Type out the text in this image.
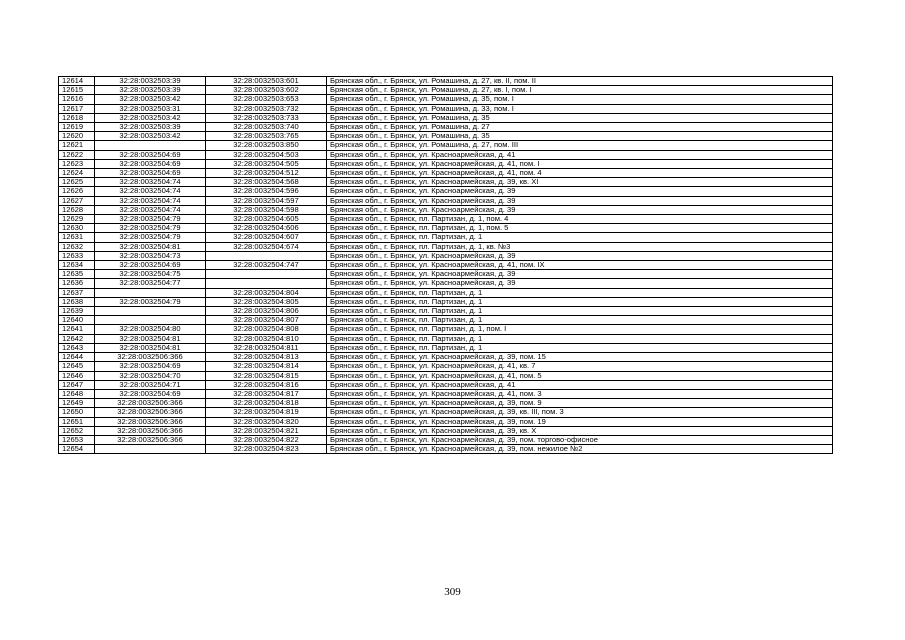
12614	32:28:0032503:39	32:28:0032503:601	Брянская обл., г. Брянск, ул. Ромашина, д. 27, кв. II, пом. II
12615	32:28:0032503:39	32:28:0032503:602	Брянская обл., г. Брянск, ул. Ромашина, д. 27, кв. I, пом. I
12616	32:28:0032503:42	32:28:0032503:653	Брянская обл., г. Брянск, ул. Ромашина, д. 35, пом. I
12617	32:28:0032503:31	32:28:0032503:732	Брянская обл., г. Брянск, ул. Ромашина, д. 33, пом. I
12618	32:28:0032503:42	32:28:0032503:733	Брянская обл., г. Брянск, ул. Ромашина, д. 35
12619	32:28:0032503:39	32:28:0032503:740	Брянская обл., г. Брянск, ул. Ромашина, д. 27
12620	32:28:0032503:42	32:28:0032503:765	Брянская обл., г. Брянск, ул. Ромашина, д. 35
12621		32:28:0032503:850	Брянская обл., г. Брянск, ул. Ромашина, д. 27, пом. III
12622	32:28:0032504:69	32:28:0032504:503	Брянская обл., г. Брянск, ул. Красноармейская, д. 41
12623	32:28:0032504:69	32:28:0032504:505	Брянская обл., г. Брянск, ул. Красноармейская, д. 41, пом. I
12624	32:28:0032504:69	32:28:0032504:512	Брянская обл., г. Брянск, ул. Красноармейская, д. 41, пом. 4
12625	32:28:0032504:74	32:28:0032504:568	Брянская обл., г. Брянск, ул. Красноармейская, д. 39, кв. XI
12626	32:28:0032504:74	32:28:0032504:596	Брянская обл., г. Брянск, ул. Красноармейская, д. 39
12627	32:28:0032504:74	32:28:0032504:597	Брянская обл., г. Брянск, ул. Красноармейская, д. 39
12628	32:28:0032504:74	32:28:0032504:598	Брянская обл., г. Брянск, ул. Красноармейская, д. 39
12629	32:28:0032504:79	32:28:0032504:605	Брянская обл., г. Брянск, пл. Партизан, д. 1, пом. 4
12630	32:28:0032504:79	32:28:0032504:606	Брянская обл., г. Брянск, пл. Партизан, д. 1, пом. 5
12631	32:28:0032504:79	32:28:0032504:607	Брянская обл., г. Брянск, пл. Партизан, д. 1
12632	32:28:0032504:81	32:28:0032504:674	Брянская обл., г. Брянск, пл. Партизан, д. 1, кв. №3
12633	32:28:0032504:73		Брянская обл., г. Брянск, ул. Красноармейская, д. 39
12634	32:28:0032504:69	32:28:0032504:747	Брянская обл., г. Брянск, ул. Красноармейская, д. 41, пом. IX
12635	32:28:0032504:75		Брянская обл., г. Брянск, ул. Красноармейская, д. 39
12636	32:28:0032504:77		Брянская обл., г. Брянск, ул. Красноармейская, д. 39
12637		32:28:0032504:804	Брянская обл., г. Брянск, пл. Партизан, д. 1
12638	32:28:0032504:79	32:28:0032504:805	Брянская обл., г. Брянск, пл. Партизан, д. 1
12639		32:28:0032504:806	Брянская обл., г. Брянск, пл. Партизан, д. 1
12640		32:28:0032504:807	Брянская обл., г. Брянск, пл. Партизан, д. 1
12641	32:28:0032504:80	32:28:0032504:808	Брянская обл., г. Брянск, пл. Партизан, д. 1, пом. I
12642	32:28:0032504:81	32:28:0032504:810	Брянская обл., г. Брянск, пл. Партизан, д. 1
12643	32:28:0032504:81	32:28:0032504:811	Брянская обл., г. Брянск, пл. Партизан, д. 1
12644	32:28:0032506:366	32:28:0032504:813	Брянская обл., г. Брянск, ул. Красноармейская, д. 39, пом. 15
12645	32:28:0032504:69	32:28:0032504:814	Брянская обл., г. Брянск, ул. Красноармейская, д. 41, кв. 7
12646	32:28:0032504:70	32:28:0032504:815	Брянская обл., г. Брянск, ул. Красноармейская, д. 41, пом. 5
12647	32:28:0032504:71	32:28:0032504:816	Брянская обл., г. Брянск, ул. Красноармейская, д. 41
12648	32:28:0032504:69	32:28:0032504:817	Брянская обл., г. Брянск, ул. Красноармейская, д. 41, пом. 3
12649	32:28:0032506:366	32:28:0032504:818	Брянская обл., г. Брянск, ул. Красноармейская, д. 39, пом. 9
12650	32:28:0032506:366	32:28:0032504:819	Брянская обл., г. Брянск, ул. Красноармейская, д. 39, кв. III, пом. 3
12651	32:28:0032506:366	32:28:0032504:820	Брянская обл., г. Брянск, ул. Красноармейская, д. 39, пом. 19
12652	32:28:0032506:366	32:28:0032504:821	Брянская обл., г. Брянск, ул. Красноармейская, д. 39, кв. X
12653	32:28:0032506:366	32:28:0032504:822	Брянская обл., г. Брянск, ул. Красноармейская, д. 39, пом. торгово-офисное
12654		32:28:0032504:823	Брянская обл., г. Брянск, ул. Красноармейская, д. 39, пом. нежилое №2
309
